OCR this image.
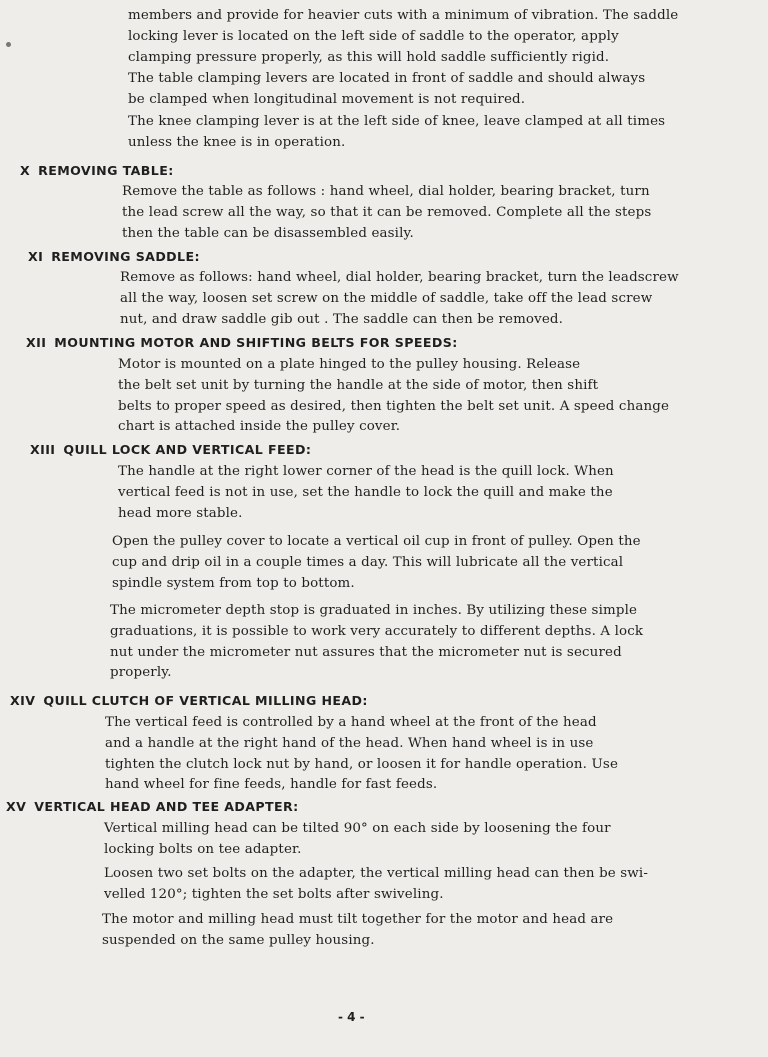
members and provide for heavier cuts with a minimum of vibration. The saddle
locking lever is located on the left side of saddle to the operator, apply
clamping pressure properly, as this will hold saddle sufficiently rigid.
The table clamping levers are located in front of saddle and should always
be clamped when longitudinal movement is not required.
The knee clamping lever is at the left side of knee, leave clamped at all times
unless the knee is in operation.
X REMOVING TABLE:
Remove the table as follows : hand wheel, dial holder, bearing bracket, turn
the lead screw all the way, so that it can be removed. Complete all the steps
then the table can be disassembled easily.
XI REMOVING SADDLE:
Remove as follows: hand wheel, dial holder, bearing bracket, turn the leadscrew
all the way, loosen set screw on the middle of saddle, take off the lead screw
nut, and draw saddle gib out . The saddle can then be removed.
XII MOUNTING MOTOR AND SHIFTING BELTS FOR SPEEDS:
Motor is mounted on a plate hinged to the pulley housing. Release
the belt set unit by turning the handle at the side of motor, then shift
belts to proper speed as desired, then tighten the belt set unit. A speed change
chart is attached inside the pulley cover.
XIII QUILL LOCK AND VERTICAL FEED:
The handle at the right lower corner of the head is the quill lock. When
vertical feed is not in use, set the handle to lock the quill and make the
head more stable.
Open the pulley cover to locate a vertical oil cup in front of pulley. Open the
cup and drip oil in a couple times a day. This will lubricate all the vertical
spindle system from top to bottom.
The micrometer depth stop is graduated in inches. By utilizing these simple
graduations, it is possible to work very accurately to different depths. A lock
nut under the micrometer nut assures that the micrometer nut is secured
properly.
XIV QUILL CLUTCH OF VERTICAL MILLING HEAD:
The vertical feed is controlled by a hand wheel at the front of the head
and a handle at the right hand of the head. When hand wheel is in use
tighten the clutch lock nut by hand, or loosen it for handle operation. Use
hand wheel for fine feeds, handle for fast feeds.
XV VERTICAL HEAD AND TEE ADAPTER:
Vertical milling head can be tilted 90° on each side by loosening the four
locking bolts on tee adapter.
Loosen two set bolts on the adapter, the vertical milling head can then be swi-
velled 120°; tighten the set bolts after swiveling.
The motor and milling head must tilt together for the motor and head are
suspended on the same pulley housing.
- 4 -
